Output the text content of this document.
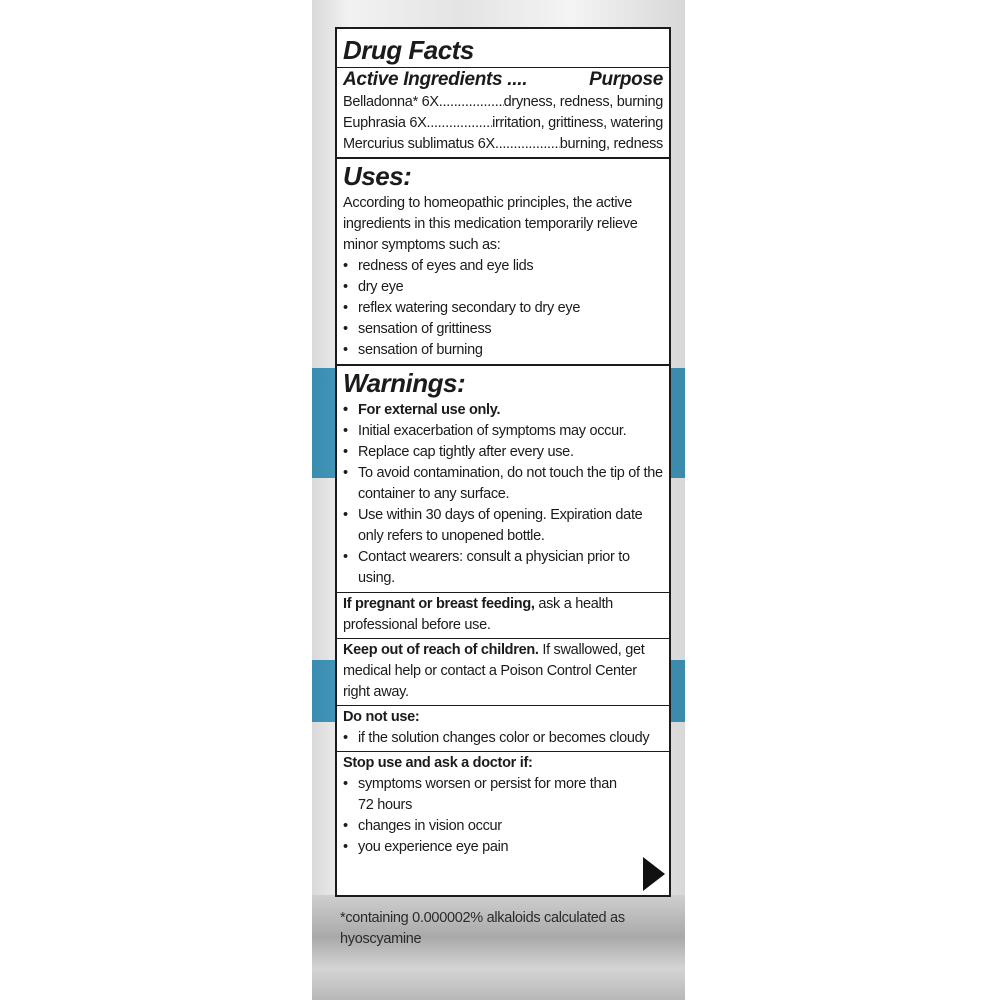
Drug Facts
Active Ingredients ....	Purpose
Belladonna* 6X .....	dryness, redness, burning
Euphrasia 6X .....	irritation, grittiness, watering
Mercurius sublimatus 6X .....	burning, redness
Uses:
According to homeopathic principles, the active ingredients in this medication temporarily relieve minor symptoms such as:
• redness of eyes and eye lids
• dry eye
• reflex watering secondary to dry eye
• sensation of grittiness
• sensation of burning
Warnings:
• For external use only.
• Initial exacerbation of symptoms may occur.
• Replace cap tightly after every use.
• To avoid contamination, do not touch the tip of the container to any surface.
• Use within 30 days of opening. Expiration date only refers to unopened bottle.
• Contact wearers: consult a physician prior to using.
If pregnant or breast feeding, ask a health professional before use.
Keep out of reach of children. If swallowed, get medical help or contact a Poison Control Center right away.
Do not use:
• if the solution changes color or becomes cloudy
Stop use and ask a doctor if:
• symptoms worsen or persist for more than 72 hours
• changes in vision occur
• you experience eye pain
*containing 0.000002% alkaloids calculated as hyoscyamine
